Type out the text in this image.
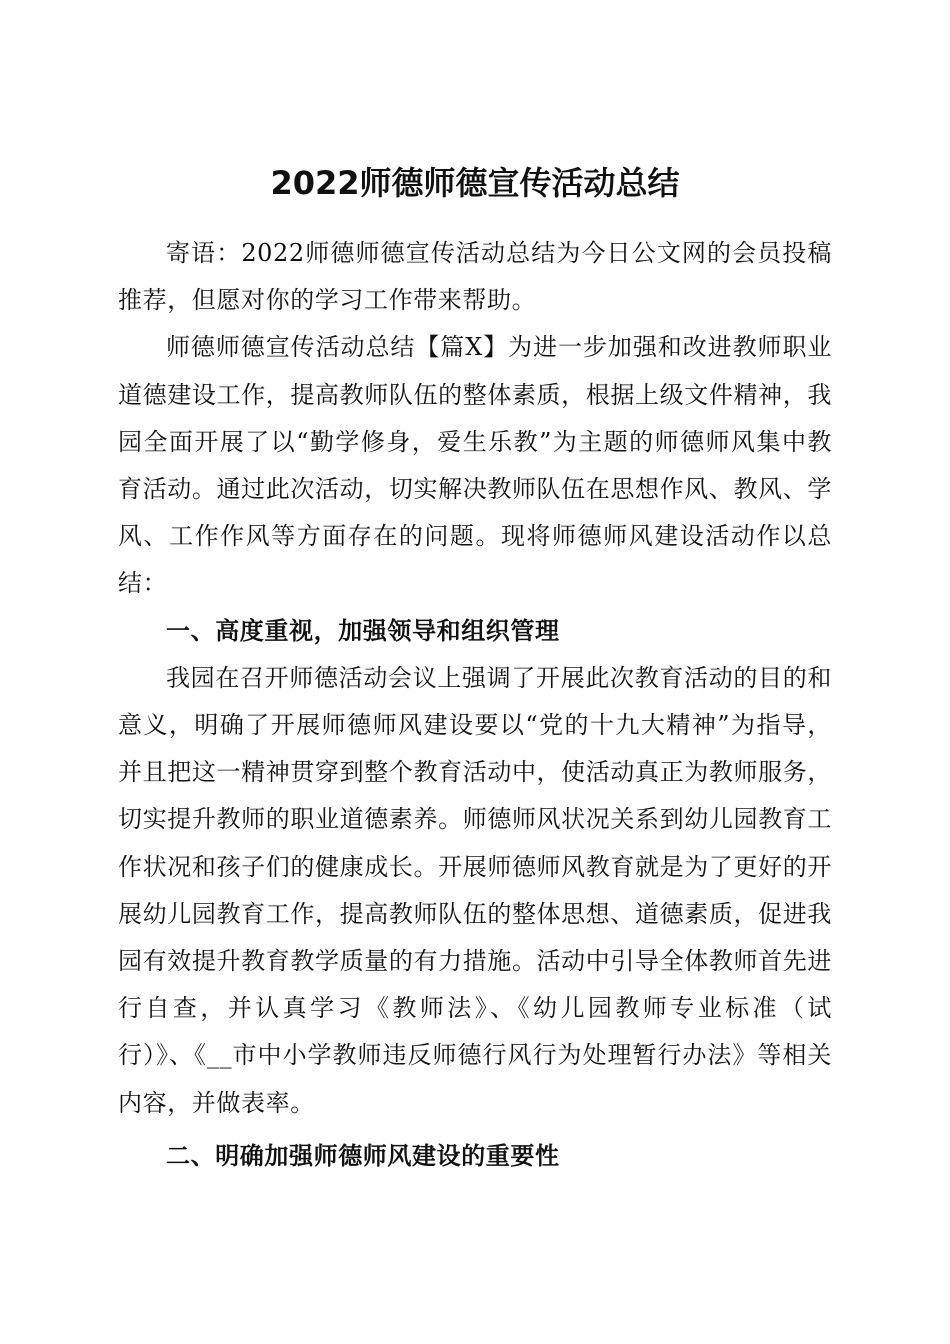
2022师德师德宣传活动总结

寄语：2022师德师德宣传活动总结为今日公文网的会员投稿推荐，但愿对你的学习工作带来帮助。

师德师德宣传活动总结【篇X】为进一步加强和改进教师职业道德建设工作，提高教师队伍的整体素质，根据上级文件精神，我园全面开展了以“勤学修身，爱生乐教”为主题的师德师风集中教育活动。通过此次活动，切实解决教师队伍在思想作风、教风、学风、工作作风等方面存在的问题。现将师德师风建设活动作以总结：

一、高度重视，加强领导和组织管理

我园在召开师德活动会议上强调了开展此次教育活动的目的和意义，明确了开展师德师风建设要以“党的十九大精神”为指导，并且把这一精神贯穿到整个教育活动中，使活动真正为教师服务，切实提升教师的职业道德素养。师德师风状况关系到幼儿园教育工作状况和孩子们的健康成长。开展师德师风教育就是为了更好的开展幼儿园教育工作，提高教师队伍的整体思想、道德素质，促进我园有效提升教育教学质量的有力措施。活动中引导全体教师首先进行自查，并认真学习《教师法》、《幼儿园教师专业标准（试行）》、《__市中小学教师违反师德行风行为处理暂行办法》等相关内容，并做表率。

二、明确加强师德师风建设的重要性
